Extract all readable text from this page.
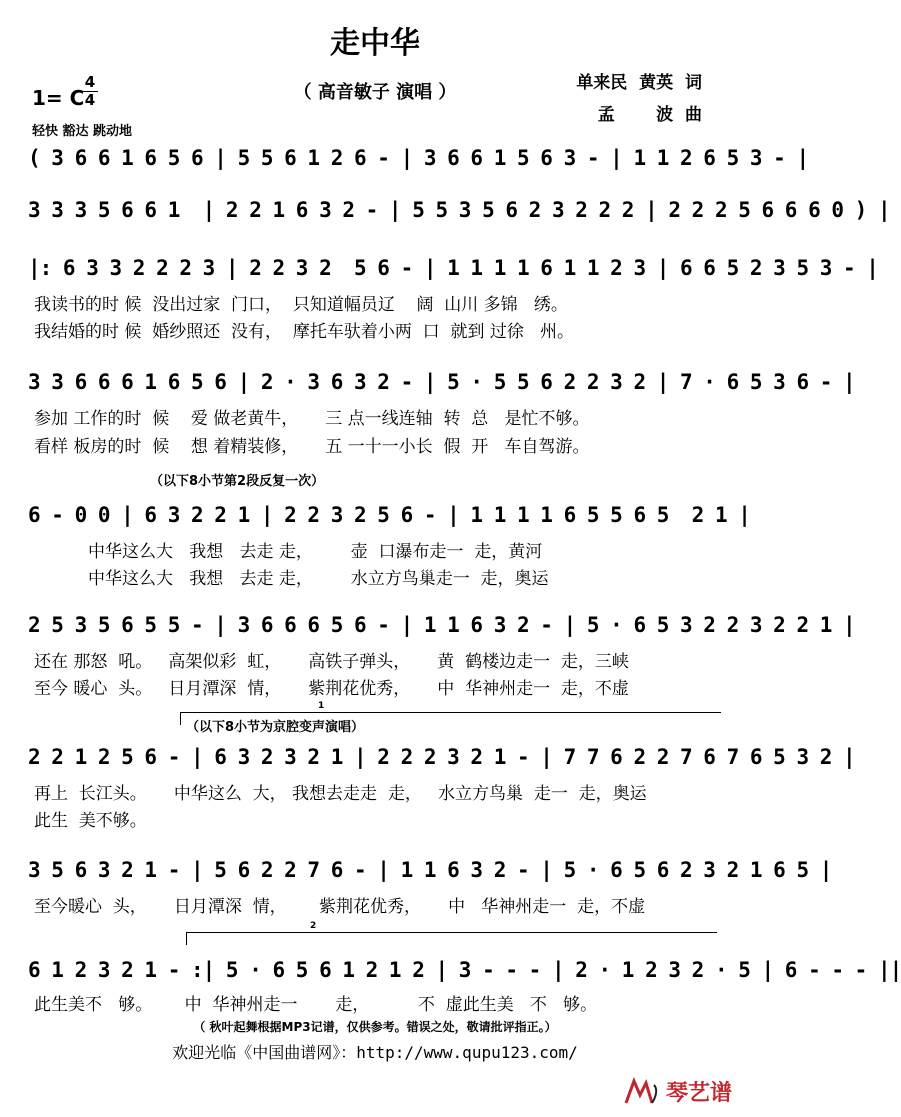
走中华
（ 高音敏子 演唱 ）
1= C
4
4
轻快 豁达 跳动地
单来民  黄英  词
孟       波  曲
( 3 6 6 1 6 5 6 | 5 5 6 1 2 6 - | 3 6 6 1 5 6 3 - | 1 1 2 6 5 3 - |
3 3 3 5 6 6 1  | 2 2 1 6 3 2 - | 5 5 3 5 6 2 3 2 2 2 | 2 2 2 5 6 6 6 0 ) |
|: 6 3 3 2 2 2 3 | 2 2 3 2  5 6 - | 1 1 1 1 6 1 1 2 3 | 6 6 5 2 3 5 3 - |
我读书的时 候  没出过家  门口，  只知道幅员辽    阔  山川 多锦   绣。
我结婚的时 候  婚纱照还  没有，  摩托车驮着小两  口  就到 过徐   州。
3 3 6 6 6 1 6 5 6 | 2 · 3 6 3 2 - | 5 · 5 5 6 2 2 3 2 | 7 · 6 5 3 6 - |
参加 工作的时  候    爱 做老黄牛，     三 点一线连轴  转  总   是忙不够。
看样 板房的时  候    想 着精装修，     五 一十一小长  假  开   车自驾游。
（以下8小节第2段反复一次）
6 - 0 0 | 6 3 2 2 1 | 2 2 3 2 5 6 - | 1 1 1 1 6 5 5 6 5  2 1 |
中华这么大   我想   去走 走，       壶  口瀑布走一  走，黄河
中华这么大   我想   去走 走，       水立方鸟巢走一  走，奥运
2 5 3 5 6 5 5 - | 3 6 6 6 5 6 - | 1 1 6 3 2 - | 5 · 6 5 3 2 2 3 2 2 1 |
还在 那怒  吼。   高架似彩  虹，     高铁子弹头，     黄  鹤楼边走一  走，三峡
至今 暖心  头。   日月潭深  情，     紫荆花优秀，     中  华神州走一  走，不虚
1
（以下8小节为京腔变声演唱）
2 2 1 2 5 6 - | 6 3 2 3 2 1 | 2 2 2 3 2 1 - | 7 7 6 2 2 7 6 7 6 5 3 2 |
再上  长江头。     中华这么  大， 我想去走走  走，   水立方鸟巢  走一  走，奥运
此生  美不够。
3 5 6 3 2 1 - | 5 6 2 2 7 6 - | 1 1 6 3 2 - | 5 · 6 5 6 2 3 2 1 6 5 |
至今暖心  头，     日月潭深  情，      紫荆花优秀，     中   华神州走一  走，不虚
2
6 1 2 3 2 1 - :| 5 · 6 5 6 1 2 1 2 | 3 - - - | 2 · 1 2 3 2 · 5 | 6 - - - ||
此生美不   够。      中  华神州走一       走，         不  虚此生美   不   够。
（ 秋叶起舞根据MP3记谱，仅供参考。错误之处，敬请批评指正。）
欢迎光临《中国曲谱网》：http://www.qupu123.com/
琴艺谱
